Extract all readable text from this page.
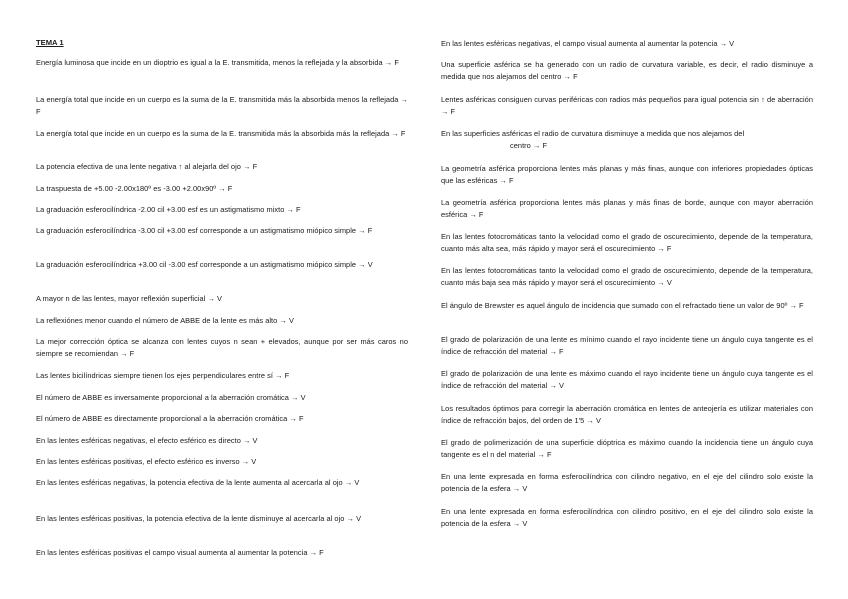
TEMA 1
Energía luminosa que incide en un dioptrio es igual a la E. transmitida, menos la reflejada y la absorbida → F
La energía total que incide en un cuerpo es la suma de la E. transmitida más la absorbida menos la reflejada → F
La energía total que incide en un cuerpo es la suma de la E. transmitida más la absorbida más la reflejada → F
La potencia efectiva de una lente negativa ↑ al alejarla del ojo → F
La traspuesta de +5.00 -2.00x180º es -3.00 +2.00x90º → F
La graduación esferocilíndrica -2.00 cil +3.00 esf es un astigmatismo mixto → F
La graduación esferocilíndrica -3.00 cil +3.00 esf corresponde a un astigmatismo miópico simple → F
La graduación esferocilíndrica +3.00 cil -3.00 esf corresponde a un astigmatismo miópico simple → V
A mayor n de las lentes, mayor reflexión superficial → V
La reflexiónes menor cuando el número de ABBE de la lente es más alto → V
La mejor corrección óptica se alcanza con lentes cuyos n sean + elevados, aunque por ser más caros no siempre se recomiendan → F
Las lentes bicilíndricas siempre tienen los ejes perpendiculares entre sí → F
El número de ABBE es inversamente proporcional a la aberración cromática → V
El número de ABBE es directamente proporcional a la aberración cromática → F
En las lentes esféricas negativas, el efecto esférico es directo → V
En las lentes esféricas positivas, el efecto esférico es inverso → V
En las lentes esféricas negativas, la potencia efectiva de la lente aumenta al acercarla al ojo → V
En las lentes esféricas positivas, la potencia efectiva de la lente disminuye al acercarla al ojo → V
En las lentes esféricas positivas el campo visual aumenta al aumentar la potencia → F
En las lentes esféricas negativas, el campo visual aumenta al aumentar la potencia → V
Una superficie asférica se ha generado con un radio de curvatura variable, es decir, el radio disminuye a medida que nos alejamos del centro → F
Lentes asféricas consiguen curvas periféricas con radios más pequeños para igual potencia sin ↑ de aberración → F
En las superficies asféricas el radio de curvatura disminuye a medida que nos alejamos del
centro → F
La geometría asférica proporciona lentes más planas y más finas, aunque con inferiores propiedades ópticas que las esféricas → F
La geometría asférica proporciona lentes más planas y más finas de borde, aunque con mayor aberración esférica → F
En las lentes fotocromáticas tanto la velocidad como el grado de oscurecimiento, depende de la temperatura, cuanto más alta sea, más rápido y mayor será el oscurecimiento → F
En las lentes fotocromáticas tanto la velocidad como el grado de oscurecimiento, depende de la temperatura, cuanto más baja sea más rápido y mayor será el oscurecimiento → V
El ángulo de Brewster es aquel ángulo de incidencia que sumado con el refractado tiene un valor de 90º → F
El grado de polarización de una lente es mínimo cuando el rayo incidente tiene un ángulo cuya tangente es el índice de refracción del material → F
El grado de polarización de una lente es máximo cuando el rayo incidente tiene un ángulo cuya tangente es el índice de refracción del material → V
Los resultados óptimos para corregir la aberración cromática en lentes de anteojería es utilizar materiales con índice de refracción bajos, del orden de 1'5 → V
El grado de polimerización de una superficie dióptrica es máximo cuando la incidencia tiene un ángulo cuya tangente es el n del material → F
En una lente expresada en forma esferocilíndrica con cilindro negativo, en el eje del cilindro solo existe la potencia de la esfera → V
En una lente expresada en forma esferocilíndrica con cilindro positivo, en el eje del cilindro solo existe la potencia de la esfera → V
